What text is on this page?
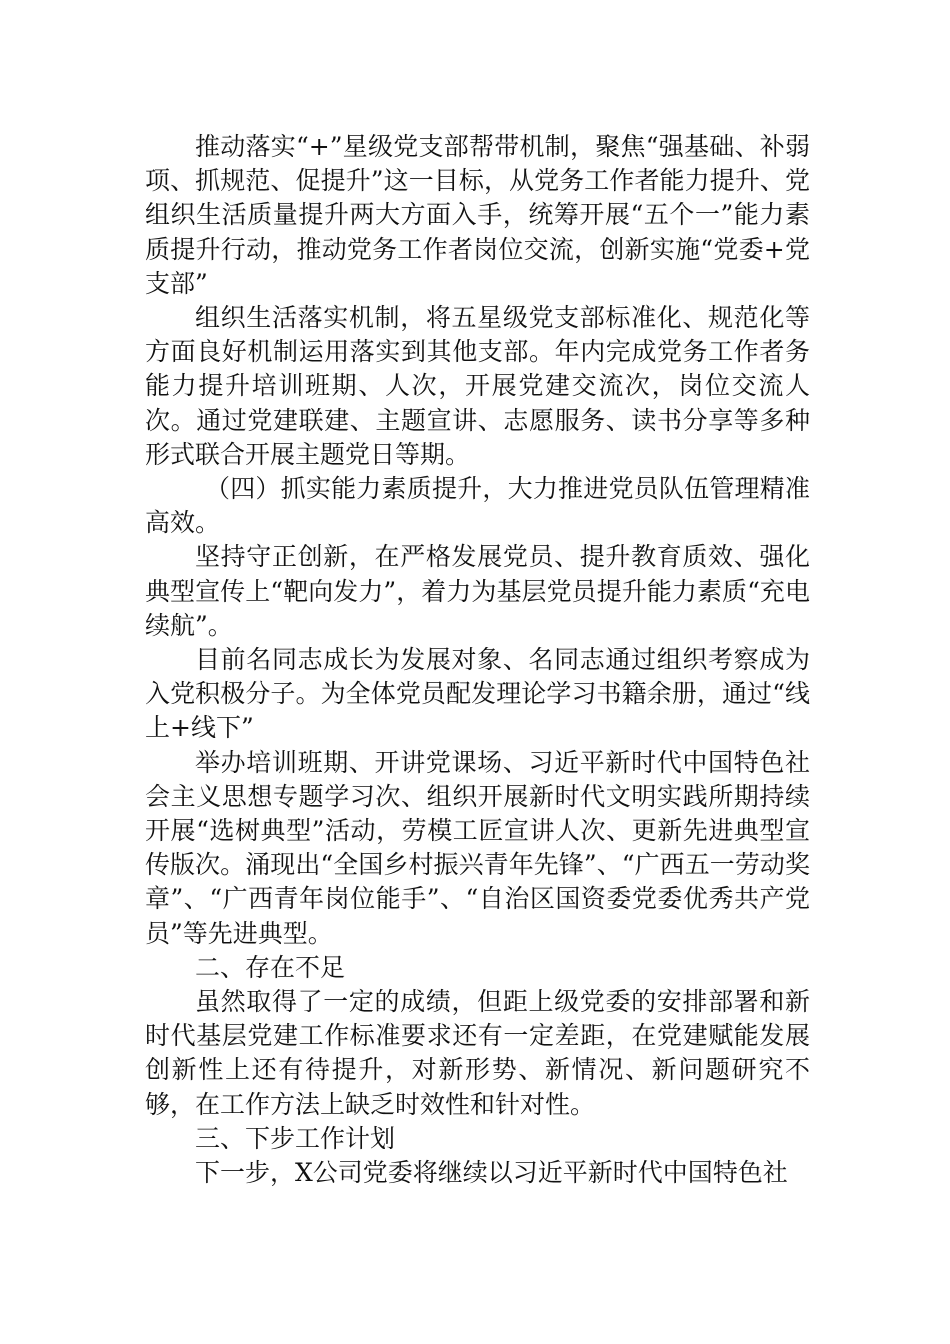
推动落实“+”星级党支部帮带机制，聚焦“强基础、补弱项、抓规范、促提升”这一目标，从党务工作者能力提升、党组织生活质量提升两大方面入手，统筹开展“五个一”能力素质提升行动，推动党务工作者岗位交流，创新实施“党委+党支部”

组织生活落实机制，将五星级党支部标准化、规范化等方面良好机制运用落实到其他支部。年内完成党务工作者务能力提升培训班期、人次，开展党建交流次，岗位交流人次。通过党建联建、主题宣讲、志愿服务、读书分享等多种形式联合开展主题党日等期。

（四）抓实能力素质提升，大力推进党员队伍管理精准高效。

坚持守正创新，在严格发展党员、提升教育质效、强化典型宣传上“靶向发力”，着力为基层党员提升能力素质“充电续航”。

目前名同志成长为发展对象、名同志通过组织考察成为入党积极分子。为全体党员配发理论学习书籍余册，通过“线上+线下”

举办培训班期、开讲党课场、习近平新时代中国特色社会主义思想专题学习次、组织开展新时代文明实践所期持续开展“选树典型”活动，劳模工匠宣讲人次、更新先进典型宣传版次。涌现出“全国乡村振兴青年先锋”、“广西五一劳动奖章”、“广西青年岗位能手”、“自治区国资委党委优秀共产党员”等先进典型。

二、存在不足

虽然取得了一定的成绩，但距上级党委的安排部署和新时代基层党建工作标准要求还有一定差距，在党建赋能发展创新性上还有待提升，对新形势、新情况、新问题研究不够，在工作方法上缺乏时效性和针对性。

三、下步工作计划

下一步，X公司党委将继续以习近平新时代中国特色社
